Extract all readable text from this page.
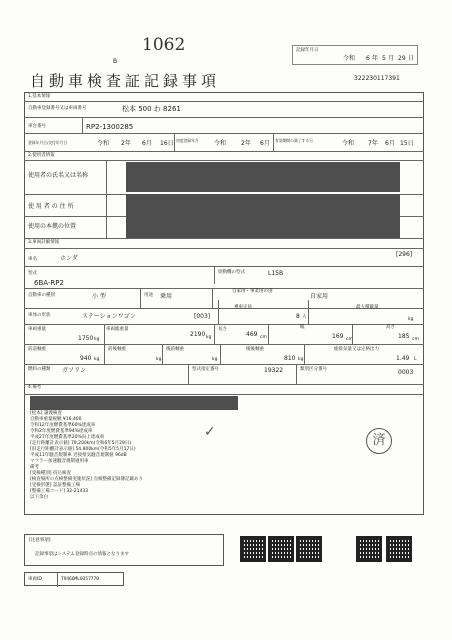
1062
B
記録年月日
令和 6 年 5 月 29 日
自動車検査証記録事項	322230117391
1.基本情報
自動車登録番号又は車両番号	松本 500 わ 8261
車台番号	RP2-1300285
登録年月日/交付年月日	令和 2年 6月 16日 初度登録年月	令和 2年 6月 有効期間の満了する日	令和 7年 6月 15日
2.使用者情報
使用者の氏名又は名称
使 用 者 の 住 所
使用の本拠の位置
3.車両詳細情報
[296]
車名	ホンダ
型式
6BA-RP2
原動機の型式	L15B
自動車の種別	小 型	用途 乗用
自家用・事業用の別
自家用
車体の形状	ステーションワゴン	[003]
乗車定員
8 人
最大積載量
kg
車両重量
1750 kg
車両総重量
2190 kg
長さ
469 cm
幅
169 cm
高さ
185 cm
前前軸重
940 kg
前後軸重
kg
後前軸重
kg
後後軸重
810 kg
総排気量又は定格出力
1.49 L
燃料の種類 ガソリン	型式指定番号	19322	類別区分番号	0003
4.備考
[松本] 譲渡検査
自動車重量税額 ¥16,400
令和12年度燃費基準60%達成車
令和2年度燃費基準94%達成車
平成27年度燃費基準20%向上達成車
[走行距離計表示値] 79,200km(令和6年5月29日)
[旧走行距離計表示値] 54,800km(令和5年5月17日)
平成11年騒音規制車 近接排気騒音規制値 96dB
マフラー加速騒音規制適用車
備考
[受検種別] 持込検査
[検査場所の点検整備実施状況] 点検整備記録簿記載あり
[受検形態] 認証整備工場
[整備工場コード] 32-21433
以下余白
✓
済
[注意事項]
記録事項はシステム登録時点の情報となります
車両ID	T9466ML0357770
